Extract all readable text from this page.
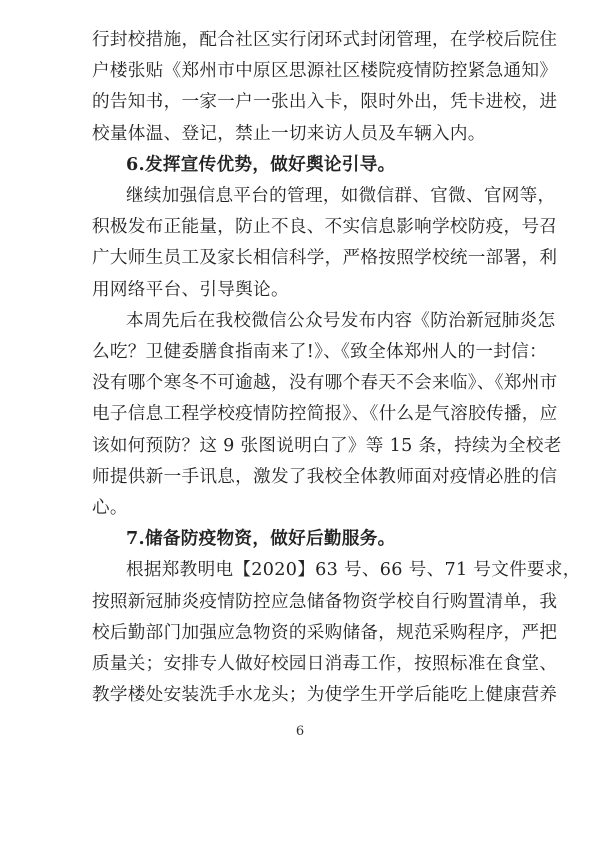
行封校措施，配合社区实行闭环式封闭管理，在学校后院住
户楼张贴《郑州市中原区思源社区楼院疫情防控紧急通知》
的告知书，一家一户一张出入卡，限时外出，凭卡进校，进
校量体温、登记，禁止一切来访人员及车辆入内。
6.发挥宣传优势，做好舆论引导。
继续加强信息平台的管理，如微信群、官微、官网等，
积极发布正能量，防止不良、不实信息影响学校防疫，号召
广大师生员工及家长相信科学，严格按照学校统一部署，利
用网络平台、引导舆论。
本周先后在我校微信公众号发布内容《防治新冠肺炎怎
么吃？卫健委膳食指南来了!》、《致全体郑州人的一封信：
没有哪个寒冬不可逾越，没有哪个春天不会来临》、《郑州市
电子信息工程学校疫情防控简报》、《什么是气溶胶传播，应
该如何预防？这 9 张图说明白了》等 15 条，持续为全校老
师提供新一手讯息，激发了我校全体教师面对疫情必胜的信
心。
7.储备防疫物资，做好后勤服务。
根据郑教明电【2020】63 号、66 号、71 号文件要求，
按照新冠肺炎疫情防控应急储备物资学校自行购置清单，我
校后勤部门加强应急物资的采购储备，规范采购程序，严把
质量关；安排专人做好校园日消毒工作，按照标准在食堂、
教学楼处安装洗手水龙头；为使学生开学后能吃上健康营养
6
